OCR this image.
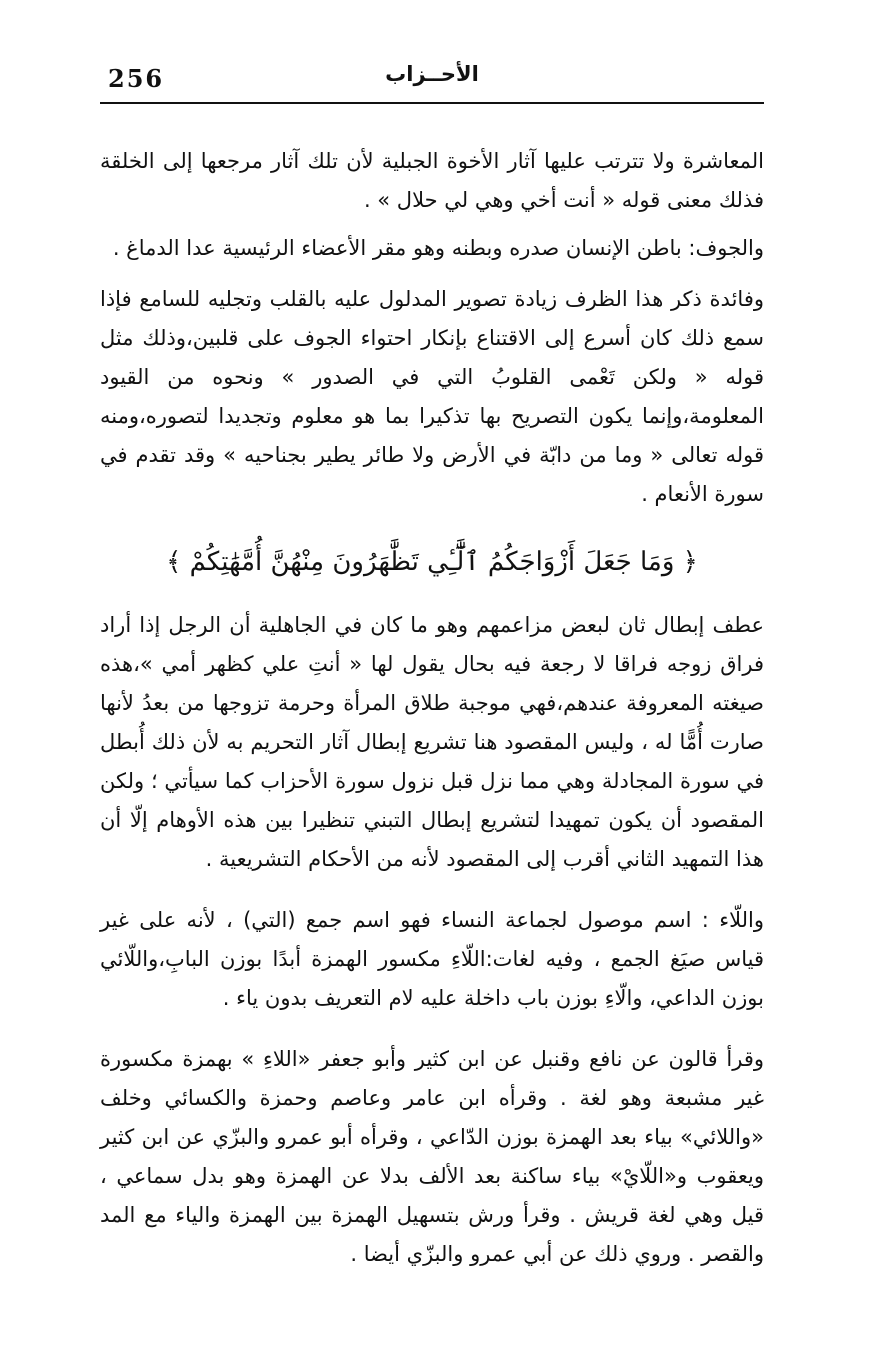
256	الأحــزاب

المعاشرة ولا تترتب عليها آثار الأخوة الجبلية لأن تلك آثار مرجعها إلى الخلقة فذلك معنى قوله « أنت أخي وهي لي حلال » .

والجوف: باطن الإنسان صدره وبطنه وهو مقر الأعضاء الرئيسية عدا الدماغ .

وفائدة ذكر هذا الظرف زيادة تصوير المدلول عليه بالقلب وتجليه للسامع فإذا سمع ذلك كان أسرع إلى الاقتناع بإنكار احتواء الجوف على قلبين،وذلك مثل قوله « ولكن تَعْمى القلوبُ التي في الصدور » ونحوه من القيود المعلومة،وإنما يكون التصريح بها تذكيرا بما هو معلوم وتجديدا لتصوره،ومنه قوله تعالى « وما من دابّة في الأرض ولا طائر يطير بجناحيه » وقد تقدم في سورة الأنعام .

﴿ وَمَا جَعَلَ أَزْوَاجَكُمُ ٱلَّٰٓـِٔي تَظَّٰهَرُونَ مِنْهُنَّ أُمَّهَٰتِكُمْ ﴾

عطف إبطال ثان لبعض مزاعمهم وهو ما كان في الجاهلية أن الرجل إذا أراد فراق زوجه فراقا لا رجعة فيه بحال يقول لها « أنتِ علي كظهر أمي »،هذه صيغته المعروفة عندهم،فهي موجبة طلاق المرأة وحرمة تزوجها من بعدُ لأنها صارت أُمًّا له ، وليس المقصود هنا تشريع إبطال آثار التحريم به لأن ذلك أُبطل في سورة المجادلة وهي مما نزل قبل نزول سورة الأحزاب كما سيأتي ؛ ولكن المقصود أن يكون تمهيدا لتشريع إبطال التبني تنظيرا بين هذه الأوهام إلّا أن هذا التمهيد الثاني أقرب إلى المقصود لأنه من الأحكام التشريعية .

واللّاء : اسم موصول لجماعة النساء فهو اسم جمع (التي) ، لأنه على غير قياس صيَغ الجمع ، وفيه لغات:اللّاءِ مكسور الهمزة أبدًا بوزن البابِ،واللّائي بوزن الداعي، والّاءِ بوزن باب داخلة عليه لام التعريف بدون ياء .

وقرأ قالون عن نافع وقنبل عن ابن كثير وأبو جعفر «اللاءِ » بهمزة مكسورة غير مشبعة وهو لغة . وقرأه ابن عامر وعاصم وحمزة والكسائي وخلف «واللائي» بياء بعد الهمزة بوزن الدّاعي ، وقرأه أبو عمرو والبزّي عن ابن كثير ويعقوب و«اللّايْ» بياء ساكنة بعد الألف بدلا عن الهمزة وهو بدل سماعي ، قيل وهي لغة قريش . وقرأ ورش بتسهيل الهمزة بين الهمزة والياء مع المد والقصر . وروي ذلك عن أبي عمرو والبزّي أيضا .
